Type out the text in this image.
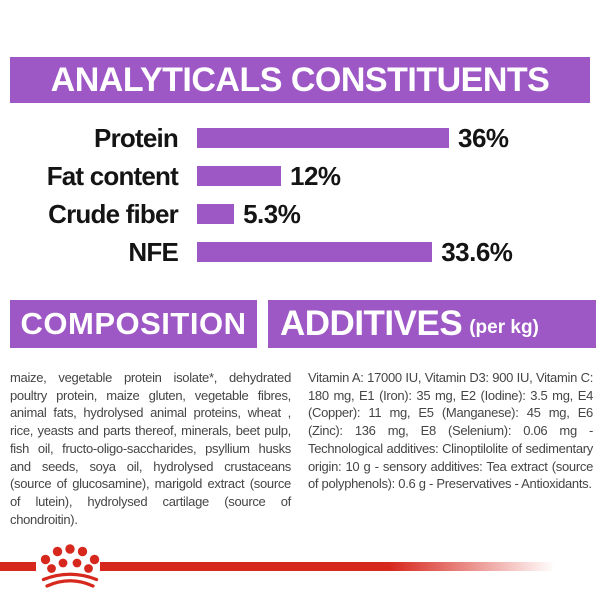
ANALYTICALS CONSTITUENTS
Protein	36%
Fat content	12%
Crude fiber	5.3%
NFE	33.6%
COMPOSITION

maize, vegetable protein isolate*, dehydrated poultry protein, maize gluten, vegetable fibres, animal fats, hydrolysed animal proteins, wheat , rice, yeasts and parts thereof, minerals, beet pulp, fish oil, fructo-oligo-saccharides, psyllium husks and seeds, soya oil, hydrolysed crustaceans (source of glucosamine), marigold extract (source of lutein), hydrolysed cartilage (source of chondroitin).

ADDITIVES (per kg)

Vitamin A: 17000 IU, Vitamin D3: 900 IU, Vitamin C: 180 mg, E1 (Iron): 35 mg, E2 (Iodine): 3.5 mg, E4 (Copper): 11 mg, E5 (Manganese): 45 mg, E6 (Zinc): 136 mg, E8 (Selenium): 0.06 mg - Technological additives: Clinoptilolite of sedimentary origin: 10 g - sensory additives: Tea extract (source of polyphenols): 0.6 g - Preservatives - Antioxidants.
